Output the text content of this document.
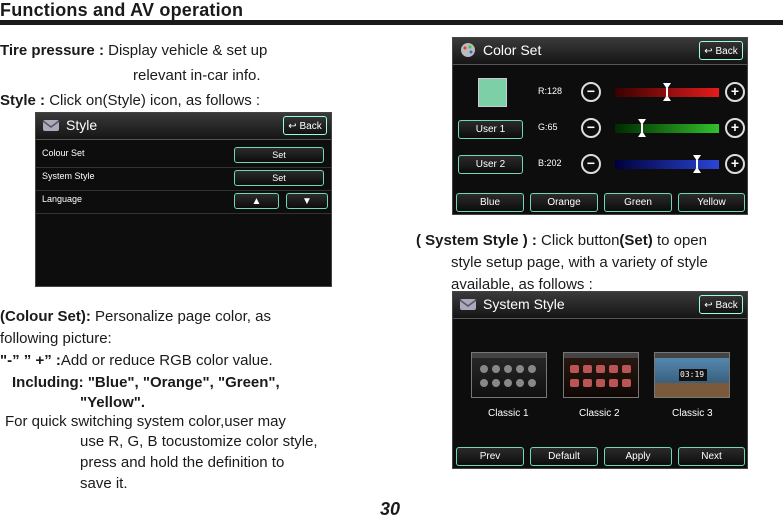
Functions and AV operation
Tire pressure : Display vehicle & set up
relevant in-car info.
Style : Click on(Style) icon, as follows :
Style	↩ Back
Colour Set	Set
System Style	Set
Language	▲	▼
(Colour Set): Personalize page color, as
following picture:
"-” ” +” :Add or reduce RGB color value.
Including: "Blue", "Orange", "Green",
"Yellow".
For quick switching system color,user may
use R, G, B tocustomize color style,
press and hold the definition to
save it.
Color Set	↩ Back
User 1
User 2
R:128	−	+
G:65	−	+
B:202	−	+
Blue	Orange	Green	Yellow
( System Style ) : Click button(Set) to open
style setup page, with a variety of style
available, as follows :
System Style	↩ Back
03:19
Classic 1	Classic 2	Classic 3
Prev	Default	Apply	Next
30
